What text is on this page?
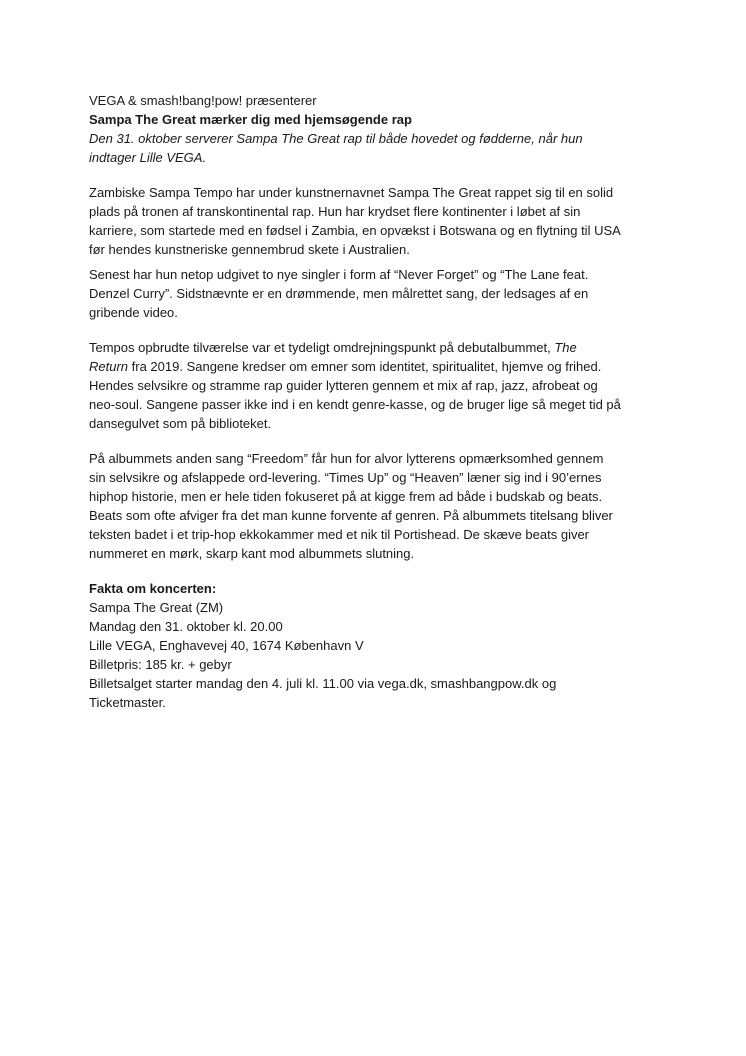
VEGA & smash!bang!pow! præsenterer
Sampa The Great mærker dig med hjemsøgende rap
Den 31. oktober serverer Sampa The Great rap til både hovedet og fødderne, når hun
indtager Lille VEGA.

Zambiske Sampa Tempo har under kunstnernavnet Sampa The Great rappet sig til en solid
plads på tronen af transkontinental rap. Hun har krydset flere kontinenter i løbet af sin
karriere, som startede med en fødsel i Zambia, en opvækst i Botswana og en flytning til USA
før hendes kunstneriske gennembrud skete i Australien.

Senest har hun netop udgivet to nye singler i form af “Never Forget” og “The Lane feat.
Denzel Curry”. Sidstnævnte er en drømmende, men målrettet sang, der ledsages af en
gribende video.

Tempos opbrudte tilværelse var et tydeligt omdrejningspunkt på debutalbummet, The
Return fra 2019. Sangene kredser om emner som identitet, spiritualitet, hjemve og frihed.
Hendes selvsikre og stramme rap guider lytteren gennem et mix af rap, jazz, afrobeat og
neo-soul. Sangene passer ikke ind i en kendt genre-kasse, og de bruger lige så meget tid på
dansegulvet som på biblioteket.

På albummets anden sang “Freedom” får hun for alvor lytterens opmærksomhed gennem
sin selvsikre og afslappede ord-levering. “Times Up” og “Heaven” læner sig ind i 90’ernes
hiphop historie, men er hele tiden fokuseret på at kigge frem ad både i budskab og beats.
Beats som ofte afviger fra det man kunne forvente af genren. På albummets titelsang bliver
teksten badet i et trip-hop ekkokammer med et nik til Portishead. De skæve beats giver
nummeret en mørk, skarp kant mod albummets slutning.

Fakta om koncerten:
Sampa The Great (ZM)
Mandag den 31. oktober kl. 20.00
Lille VEGA, Enghavevej 40, 1674 København V
Billetpris: 185 kr. + gebyr
Billetsalget starter mandag den 4. juli kl. 11.00 via vega.dk, smashbangpow.dk og
Ticketmaster.
